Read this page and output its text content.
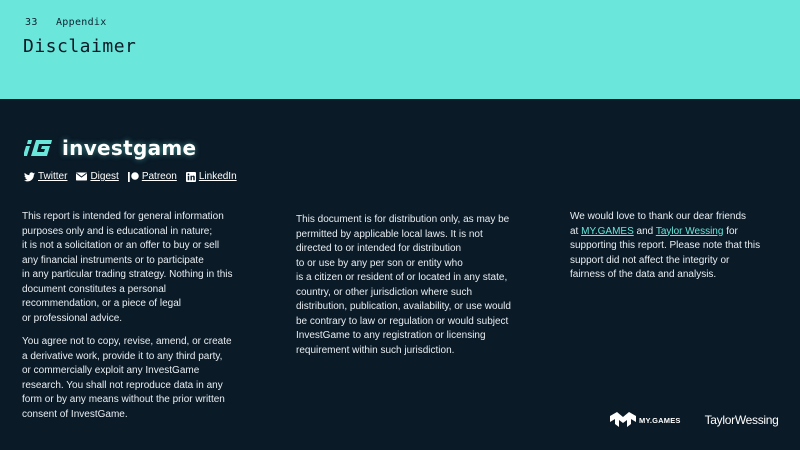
33 Appendix
Disclaimer
investgame
Twitter Digest Patreon LinkedIn

This report is intended for general information
purposes only and is educational in nature;
it is not a solicitation or an offer to buy or sell
any financial instruments or to participate
in any particular trading strategy. Nothing in this
document constitutes a personal
recommendation, or a piece of legal
or professional advice.

You agree not to copy, revise, amend, or create
a derivative work, provide it to any third party,
or commercially exploit any InvestGame
research. You shall not reproduce data in any
form or by any means without the prior written
consent of InvestGame.

This document is for distribution only, as may be
permitted by applicable local laws. It is not
directed to or intended for distribution
to or use by any per son or entity who
is a citizen or resident of or located in any state,
country, or other jurisdiction where such
distribution, publication, availability, or use would
be contrary to law or regulation or would subject
InvestGame to any registration or licensing
requirement within such jurisdiction.

We would love to thank our dear friends
at MY.GAMES and Taylor Wessing for
supporting this report. Please note that this
support did not affect the integrity or
fairness of the data and analysis.

MY.GAMES TaylorWessing
